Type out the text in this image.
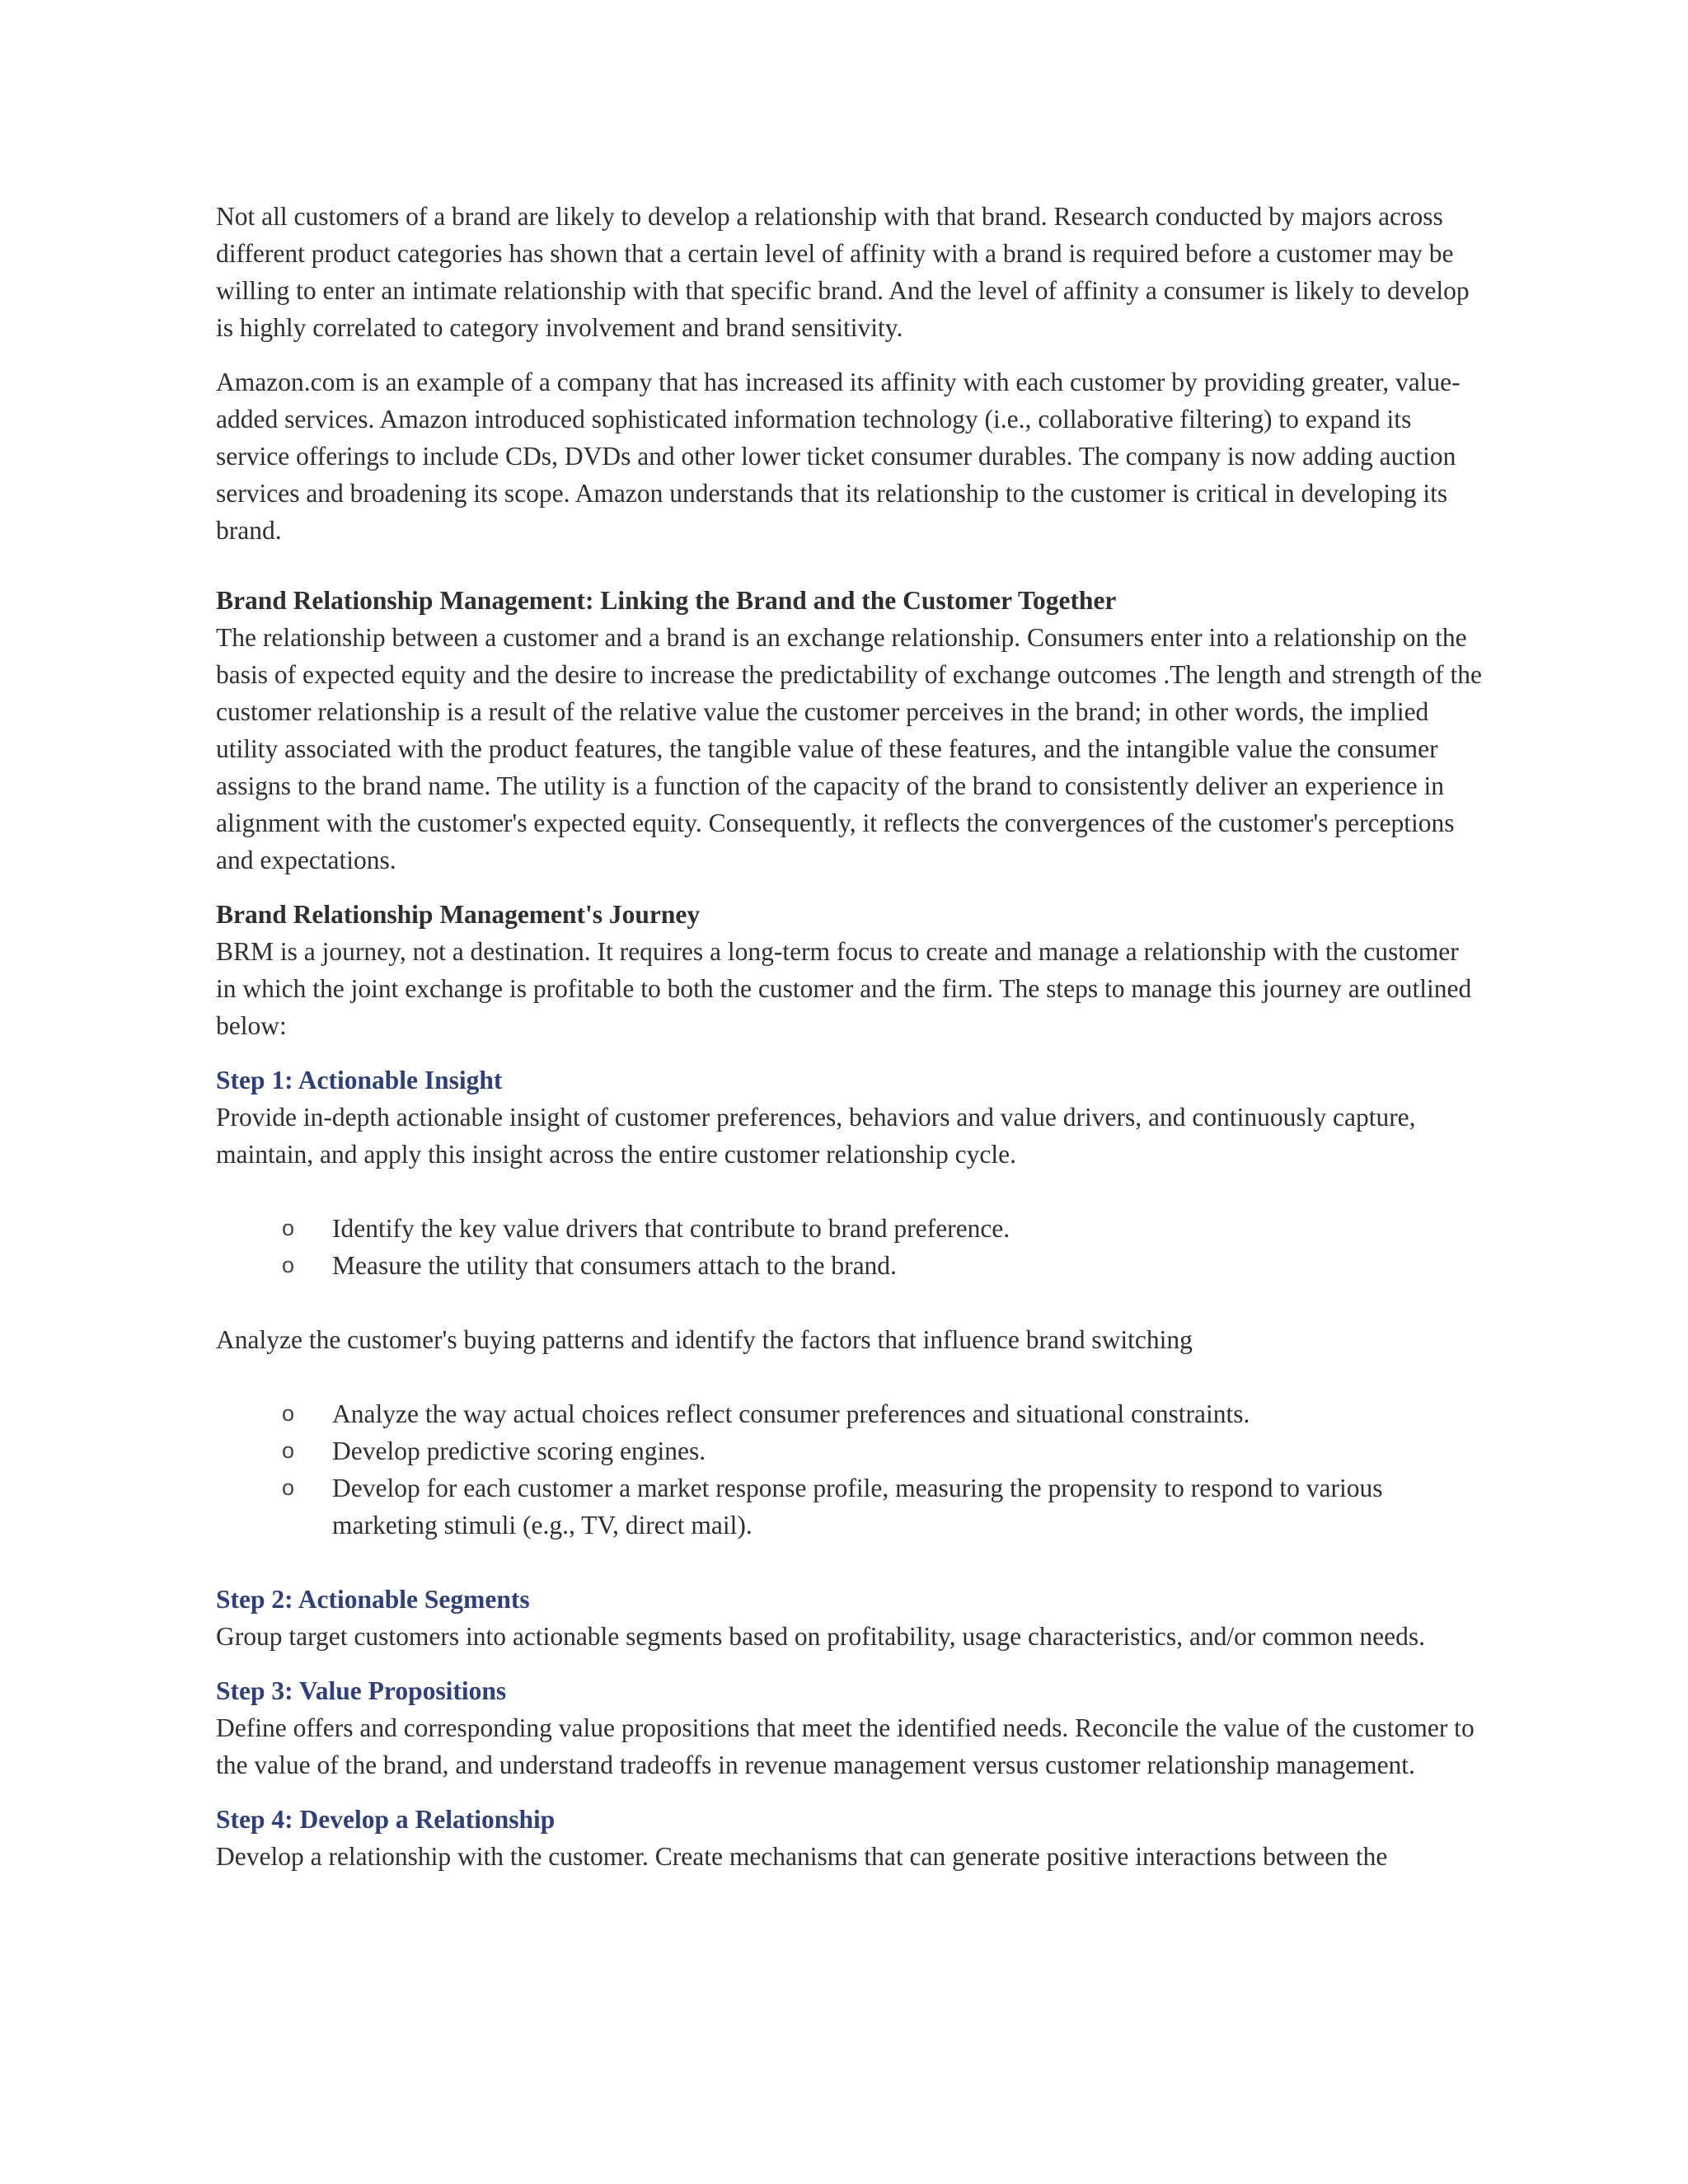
Not all customers of a brand are likely to develop a relationship with that brand. Research conducted by majors across different product categories has shown that a certain level of affinity with a brand is required before a customer may be willing to enter an intimate relationship with that specific brand. And the level of affinity a consumer is likely to develop is highly correlated to category involvement and brand sensitivity.

Amazon.com is an example of a company that has increased its affinity with each customer by providing greater, value-added services. Amazon introduced sophisticated information technology (i.e., collaborative filtering) to expand its service offerings to include CDs, DVDs and other lower ticket consumer durables. The company is now adding auction services and broadening its scope. Amazon understands that its relationship to the customer is critical in developing its brand.

Brand Relationship Management: Linking the Brand and the Customer Together

The relationship between a customer and a brand is an exchange relationship. Consumers enter into a relationship on the basis of expected equity and the desire to increase the predictability of exchange outcomes .The length and strength of the customer relationship is a result of the relative value the customer perceives in the brand; in other words, the implied utility associated with the product features, the tangible value of these features, and the intangible value the consumer assigns to the brand name. The utility is a function of the capacity of the brand to consistently deliver an experience in alignment with the customer's expected equity. Consequently, it reflects the convergences of the customer's perceptions and expectations.

Brand Relationship Management's Journey

BRM is a journey, not a destination. It requires a long-term focus to create and manage a relationship with the customer in which the joint exchange is profitable to both the customer and the firm. The steps to manage this journey are outlined below:

Step 1: Actionable Insight

Provide in-depth actionable insight of customer preferences, behaviors and value drivers, and continuously capture, maintain, and apply this insight across the entire customer relationship cycle.

o Identify the key value drivers that contribute to brand preference.
o Measure the utility that consumers attach to the brand.

Analyze the customer's buying patterns and identify the factors that influence brand switching

o Analyze the way actual choices reflect consumer preferences and situational constraints.
o Develop predictive scoring engines.
o Develop for each customer a market response profile, measuring the propensity to respond to various marketing stimuli (e.g., TV, direct mail).

Step 2: Actionable Segments

Group target customers into actionable segments based on profitability, usage characteristics, and/or common needs.

Step 3: Value Propositions

Define offers and corresponding value propositions that meet the identified needs. Reconcile the value of the customer to the value of the brand, and understand tradeoffs in revenue management versus customer relationship management.

Step 4: Develop a Relationship

Develop a relationship with the customer. Create mechanisms that can generate positive interactions between the
